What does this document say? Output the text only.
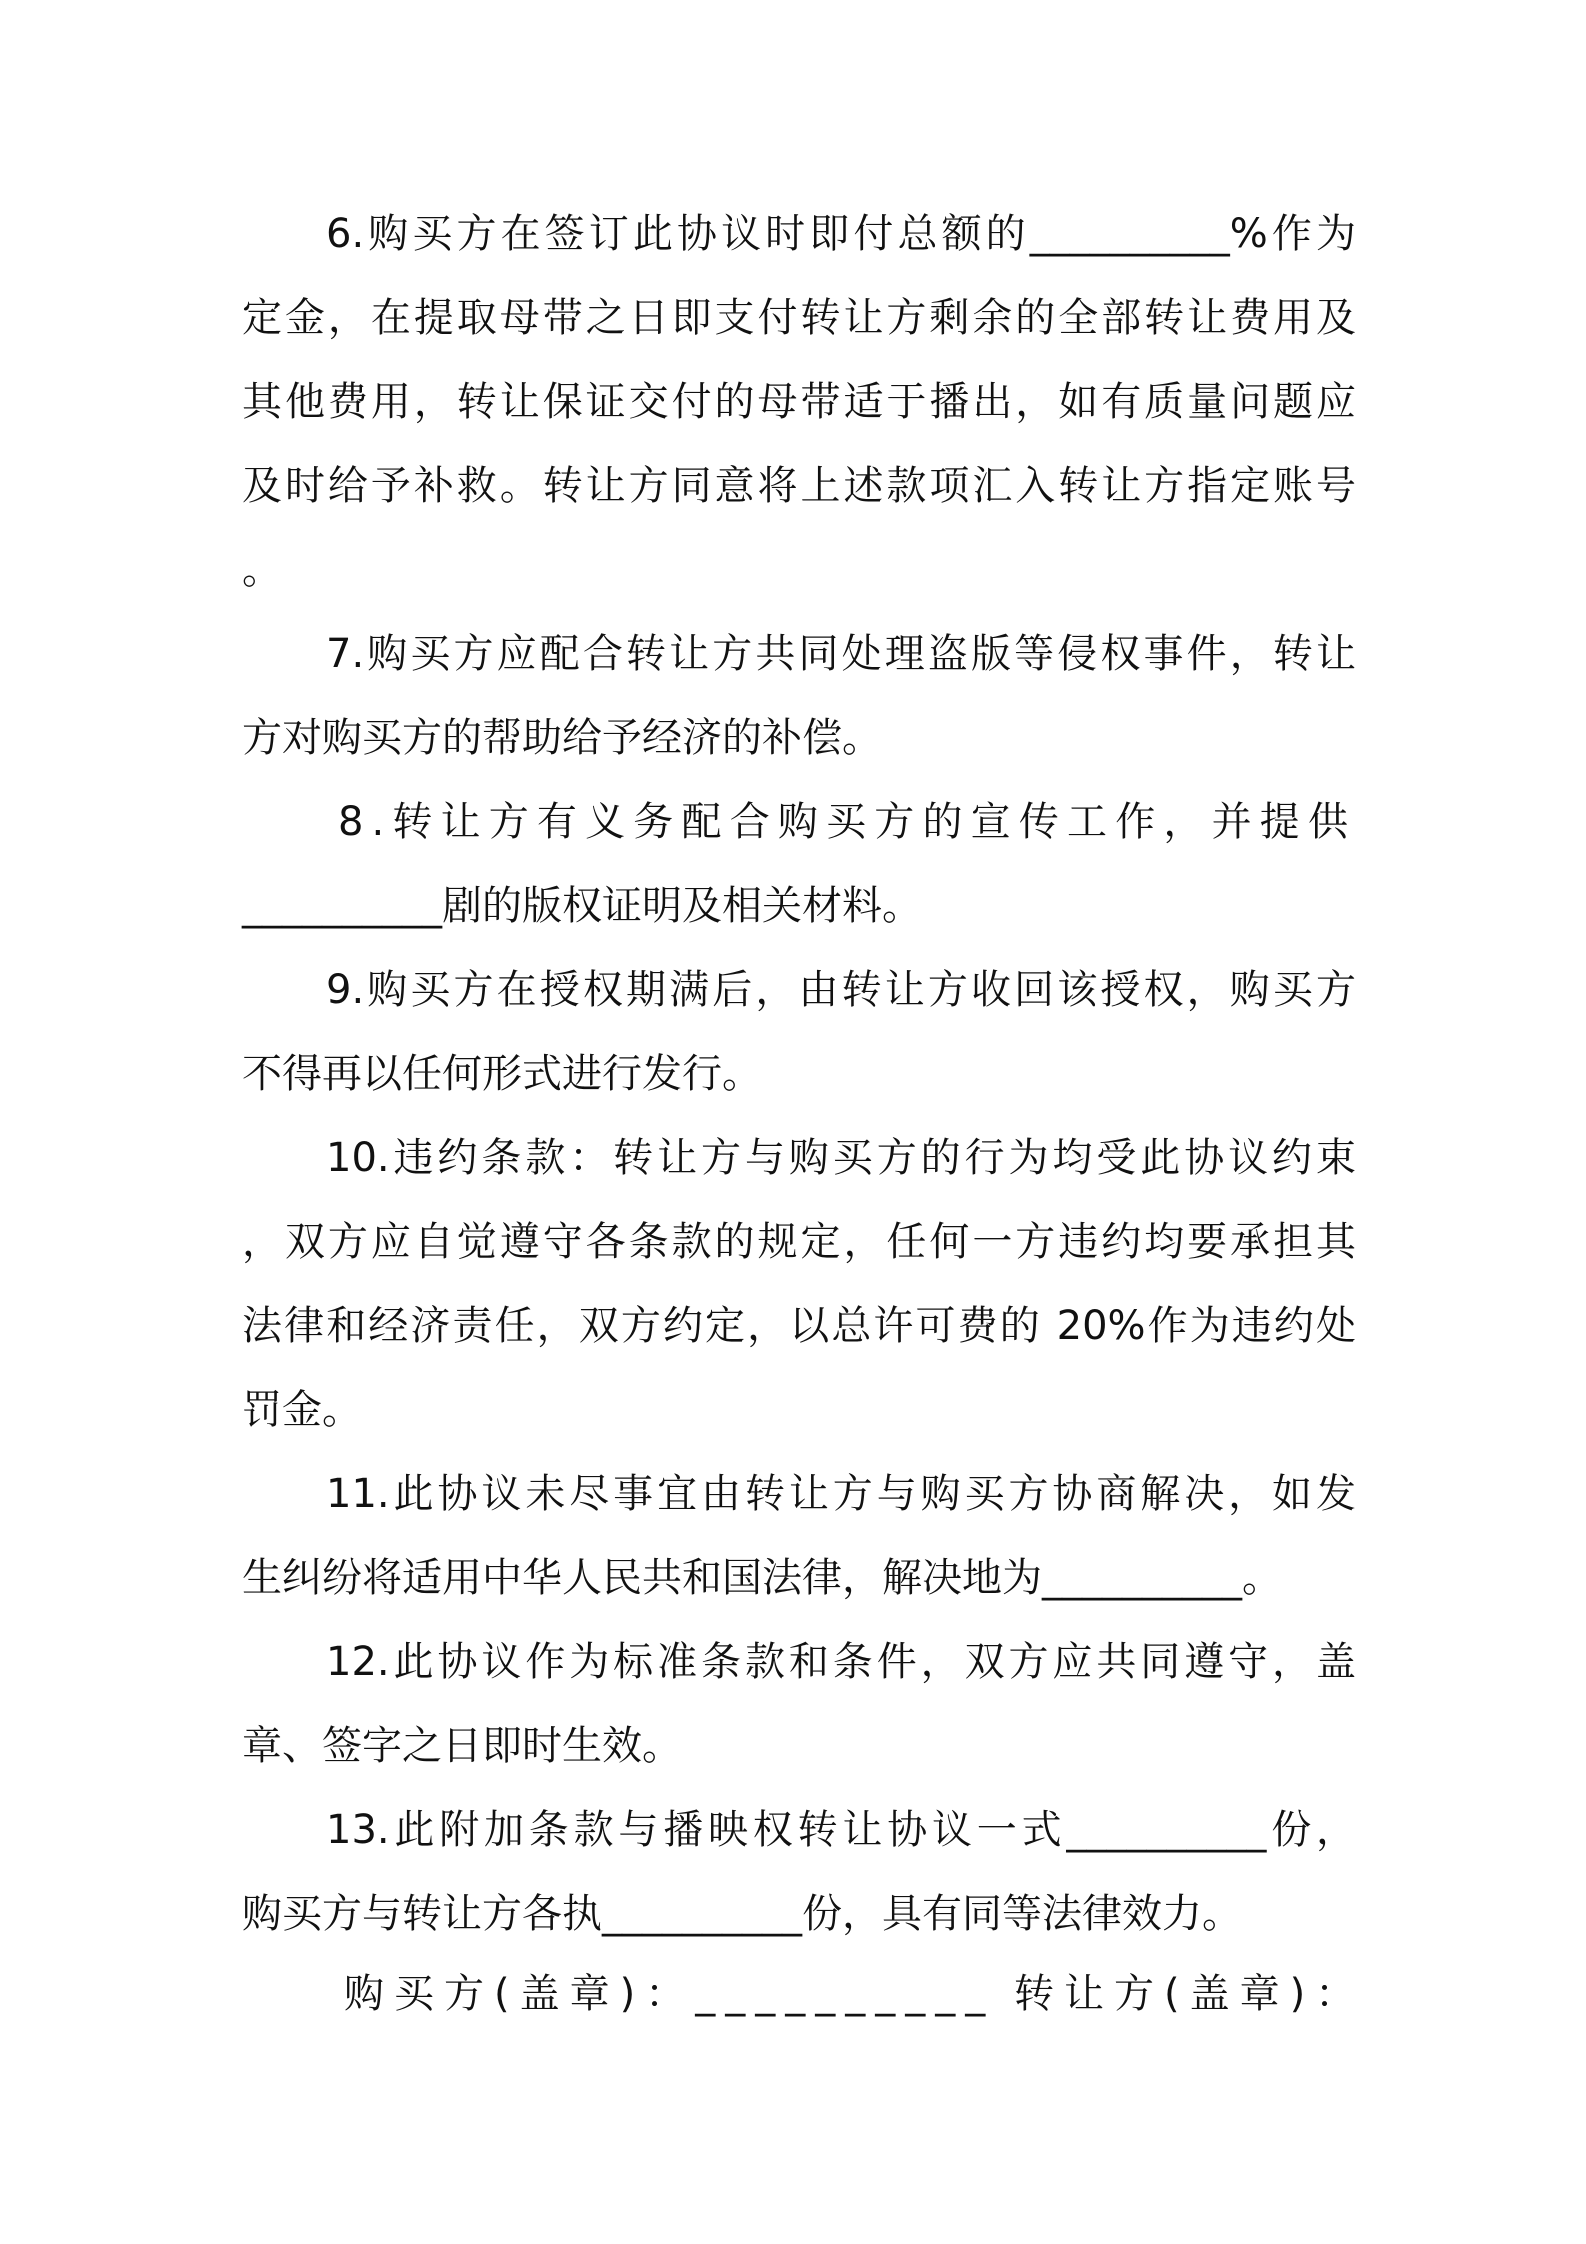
6.购买方在签订此协议时即付总额的__________%作为
定金，在提取母带之日即支付转让方剩余的全部转让费用及
其他费用，转让保证交付的母带适于播出，如有质量问题应
及时给予补救。转让方同意将上述款项汇入转让方指定账号
。
7.购买方应配合转让方共同处理盗版等侵权事件，转让
方对购买方的帮助给予经济的补偿。
8.转让方有义务配合购买方的宣传工作，并提供
__________剧的版权证明及相关材料。
9.购买方在授权期满后，由转让方收回该授权，购买方
不得再以任何形式进行发行。
10.违约条款：转让方与购买方的行为均受此协议约束
，双方应自觉遵守各条款的规定，任何一方违约均要承担其
法律和经济责任，双方约定，以总许可费的 20%作为违约处
罚金。
11.此协议未尽事宜由转让方与购买方协商解决，如发
生纠纷将适用中华人民共和国法律，解决地为__________。
12.此协议作为标准条款和条件，双方应共同遵守，盖
章、签字之日即时生效。
13.此附加条款与播映权转让协议一式__________份，
购买方与转让方各执__________份，具有同等法律效力。
购买方(盖章)：__________ 转让方(盖章)：
